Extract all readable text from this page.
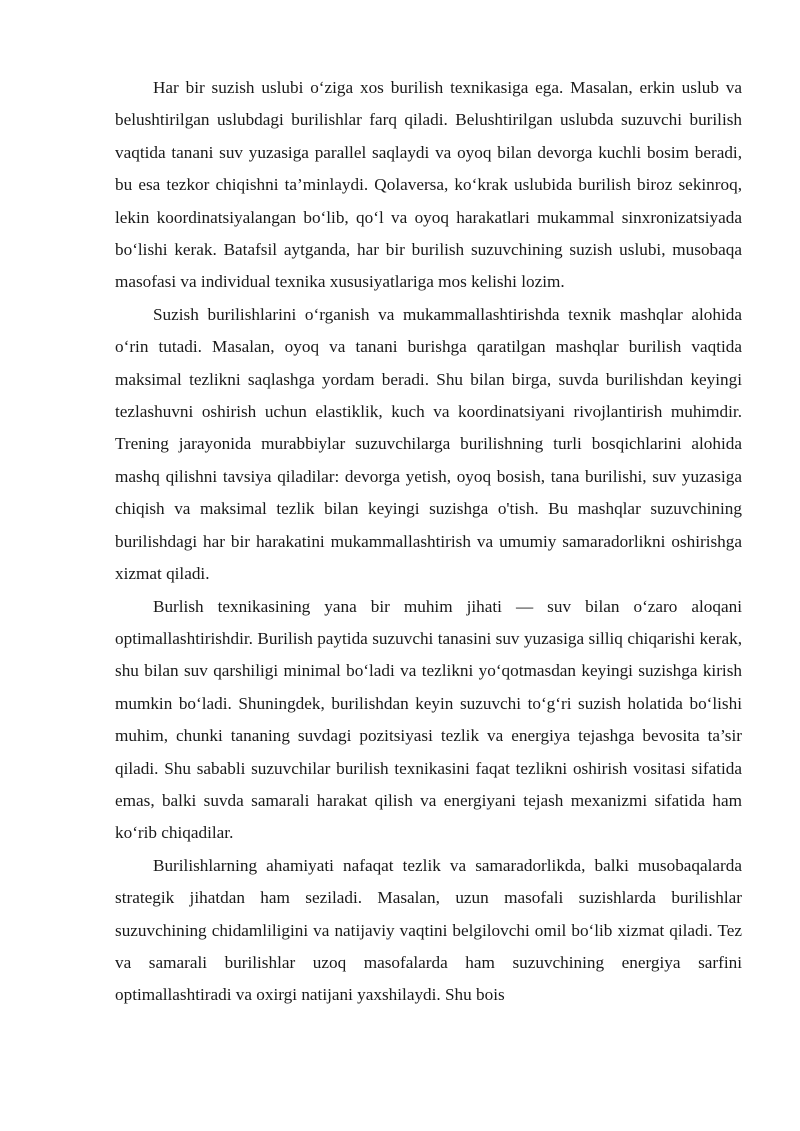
Har bir suzish uslubi o‘ziga xos burilish texnikasiga ega. Masalan, erkin uslub va belushtirilgan uslubdagi burilishlar farq qiladi. Belushtirilgan uslubda suzuvchi burilish vaqtida tanani suv yuzasiga parallel saqlaydi va oyoq bilan devorga kuchli bosim beradi, bu esa tezkor chiqishni ta’minlaydi. Qolaversa, ko‘krak uslubida burilish biroz sekinroq, lekin koordinatsiyalangan bo‘lib, qo‘l va oyoq harakatlari mukammal sinxronizatsiyada bo‘lishi kerak. Batafsil aytganda, har bir burilish suzuvchining suzish uslubi, musobaqa masofasi va individual texnika xususiyatlariga mos kelishi lozim.

Suzish burilishlarini o‘rganish va mukammallashtirishda texnik mashqlar alohida o‘rin tutadi. Masalan, oyoq va tanani burishga qaratilgan mashqlar burilish vaqtida maksimal tezlikni saqlashga yordam beradi. Shu bilan birga, suvda burilishdan keyingi tezlashuvni oshirish uchun elastiklik, kuch va koordinatsiyani rivojlantirish muhimdir. Trening jarayonida murabbiylar suzuvchilarga burilishning turli bosqichlarini alohida mashq qilishni tavsiya qiladilar: devorga yetish, oyoq bosish, tana burilishi, suv yuzasiga chiqish va maksimal tezlik bilan keyingi suzishga o'tish. Bu mashqlar suzuvchining burilishdagi har bir harakatini mukammallashtirish va umumiy samaradorlikni oshirishga xizmat qiladi.

Burlish texnikasining yana bir muhim jihati — suv bilan o‘zaro aloqani optimallashtirishdir. Burilish paytida suzuvchi tanasini suv yuzasiga silliq chiqarishi kerak, shu bilan suv qarshiligi minimal bo‘ladi va tezlikni yo‘qotmasdan keyingi suzishga kirish mumkin bo‘ladi. Shuningdek, burilishdan keyin suzuvchi to‘g‘ri suzish holatida bo‘lishi muhim, chunki tananing suvdagi pozitsiyasi tezlik va energiya tejashga bevosita ta’sir qiladi. Shu sababli suzuvchilar burilish texnikasini faqat tezlikni oshirish vositasi sifatida emas, balki suvda samarali harakat qilish va energiyani tejash mexanizmi sifatida ham ko‘rib chiqadilar.

Burilishlarning ahamiyati nafaqat tezlik va samaradorlikda, balki musobaqalarda strategik jihatdan ham seziladi. Masalan, uzun masofali suzishlarda burilishlar suzuvchining chidamliligini va natijaviy vaqtini belgilovchi omil bo‘lib xizmat qiladi. Tez va samarali burilishlar uzoq masofalarda ham suzuvchining energiya sarfini optimallashtiradi va oxirgi natijani yaxshilaydi. Shu bois
